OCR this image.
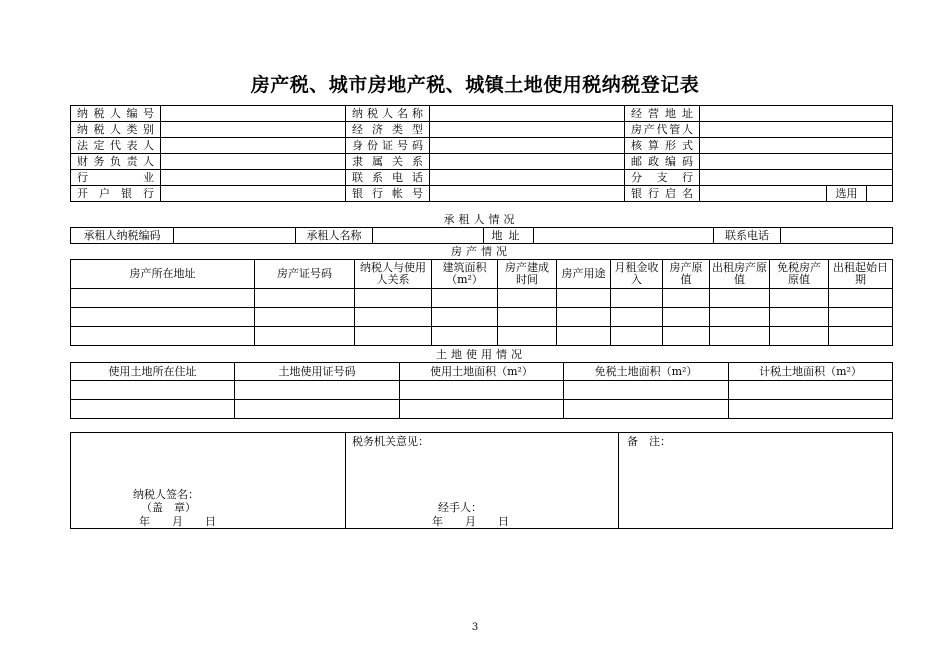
房产税、城市房地产税、城镇土地使用税纳税登记表
纳税人编号		纳税人名称		经营地址			
纳税人类别		经济类型		房产代管人			
法定代表人		身份证号码		核算形式			
财务负责人		隶属关系		邮政编码			
行业		联系电话		分支行			
开户银行		银行帐号		银行启名		选用	
承租人情况
承租人纳税编码		承租人名称		地址		联系电话	
房产情况
房产所在地址	房产证号码	纳税人与使用人关系	建筑面积（m²）	房产建成时间	房产用途	月租金收入	房产原值	出租房产原值	免税房产原值	出租起始日期

土地使用情况
使用土地所在住址	土地使用证号码	使用土地面积（m²）	免税土地面积（m²）	计税土地面积（m²）

纳税人签名：
（盖　章）
年　　月　　日

税务机关意见：
经手人：
年　　月　　日

备　注：
3
